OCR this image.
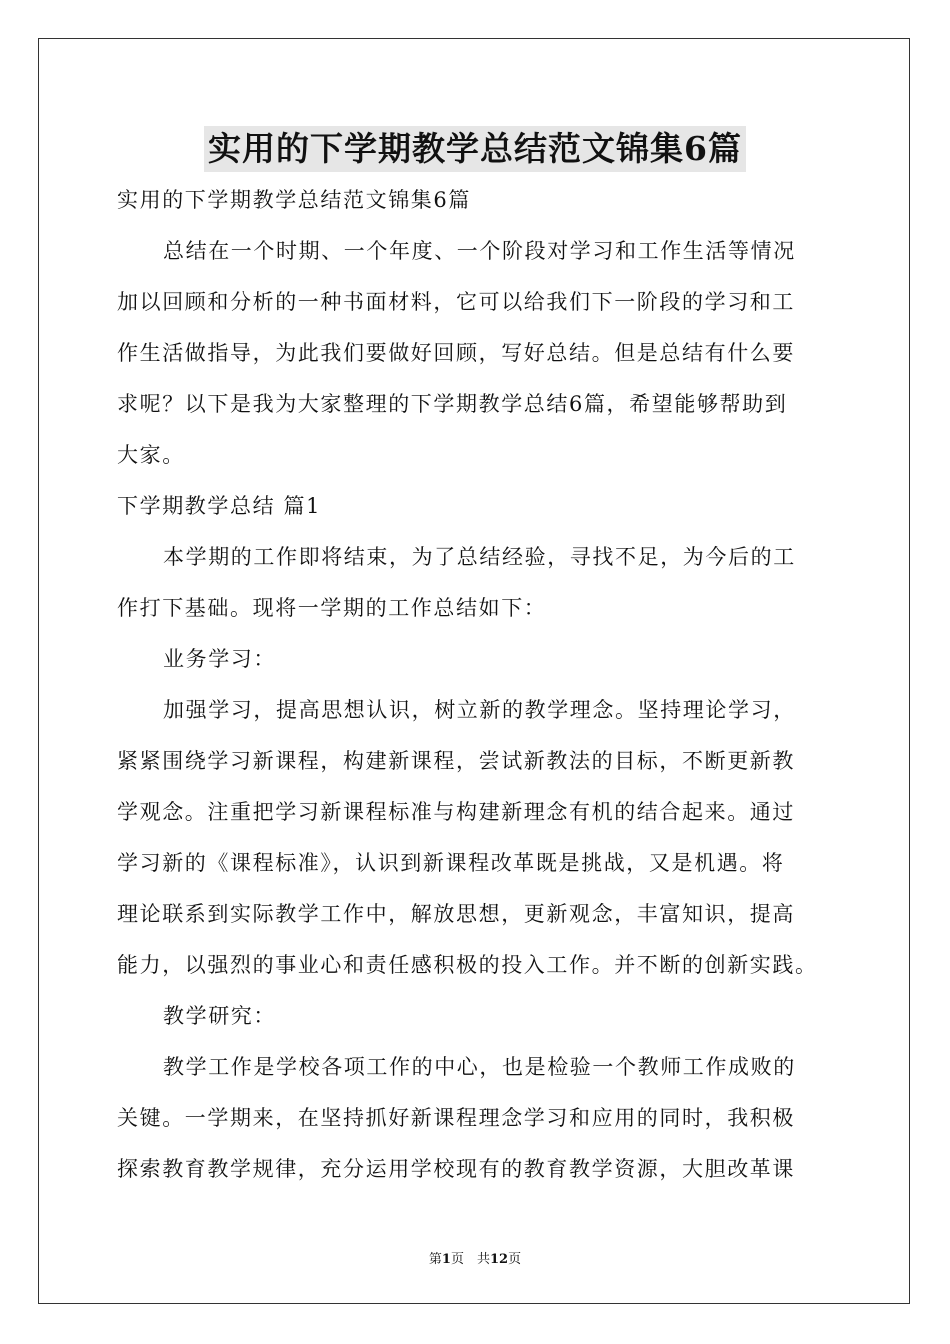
实用的下学期教学总结范文锦集6篇
实用的下学期教学总结范文锦集6篇
总结在一个时期、一个年度、一个阶段对学习和工作生活等情况
加以回顾和分析的一种书面材料，它可以给我们下一阶段的学习和工
作生活做指导，为此我们要做好回顾，写好总结。但是总结有什么要
求呢？以下是我为大家整理的下学期教学总结6篇，希望能够帮助到
大家。
下学期教学总结 篇1
本学期的工作即将结束，为了总结经验，寻找不足，为今后的工
作打下基础。现将一学期的工作总结如下：
业务学习：
加强学习，提高思想认识，树立新的教学理念。坚持理论学习，
紧紧围绕学习新课程，构建新课程，尝试新教法的目标，不断更新教
学观念。注重把学习新课程标准与构建新理念有机的结合起来。通过
学习新的《课程标准》，认识到新课程改革既是挑战，又是机遇。将
理论联系到实际教学工作中，解放思想，更新观念，丰富知识，提高
能力，以强烈的事业心和责任感积极的投入工作。并不断的创新实践。
教学研究：
教学工作是学校各项工作的中心，也是检验一个教师工作成败的
关键。一学期来，在坚持抓好新课程理念学习和应用的同时，我积极
探索教育教学规律，充分运用学校现有的教育教学资源，大胆改革课
第1页　共12页
